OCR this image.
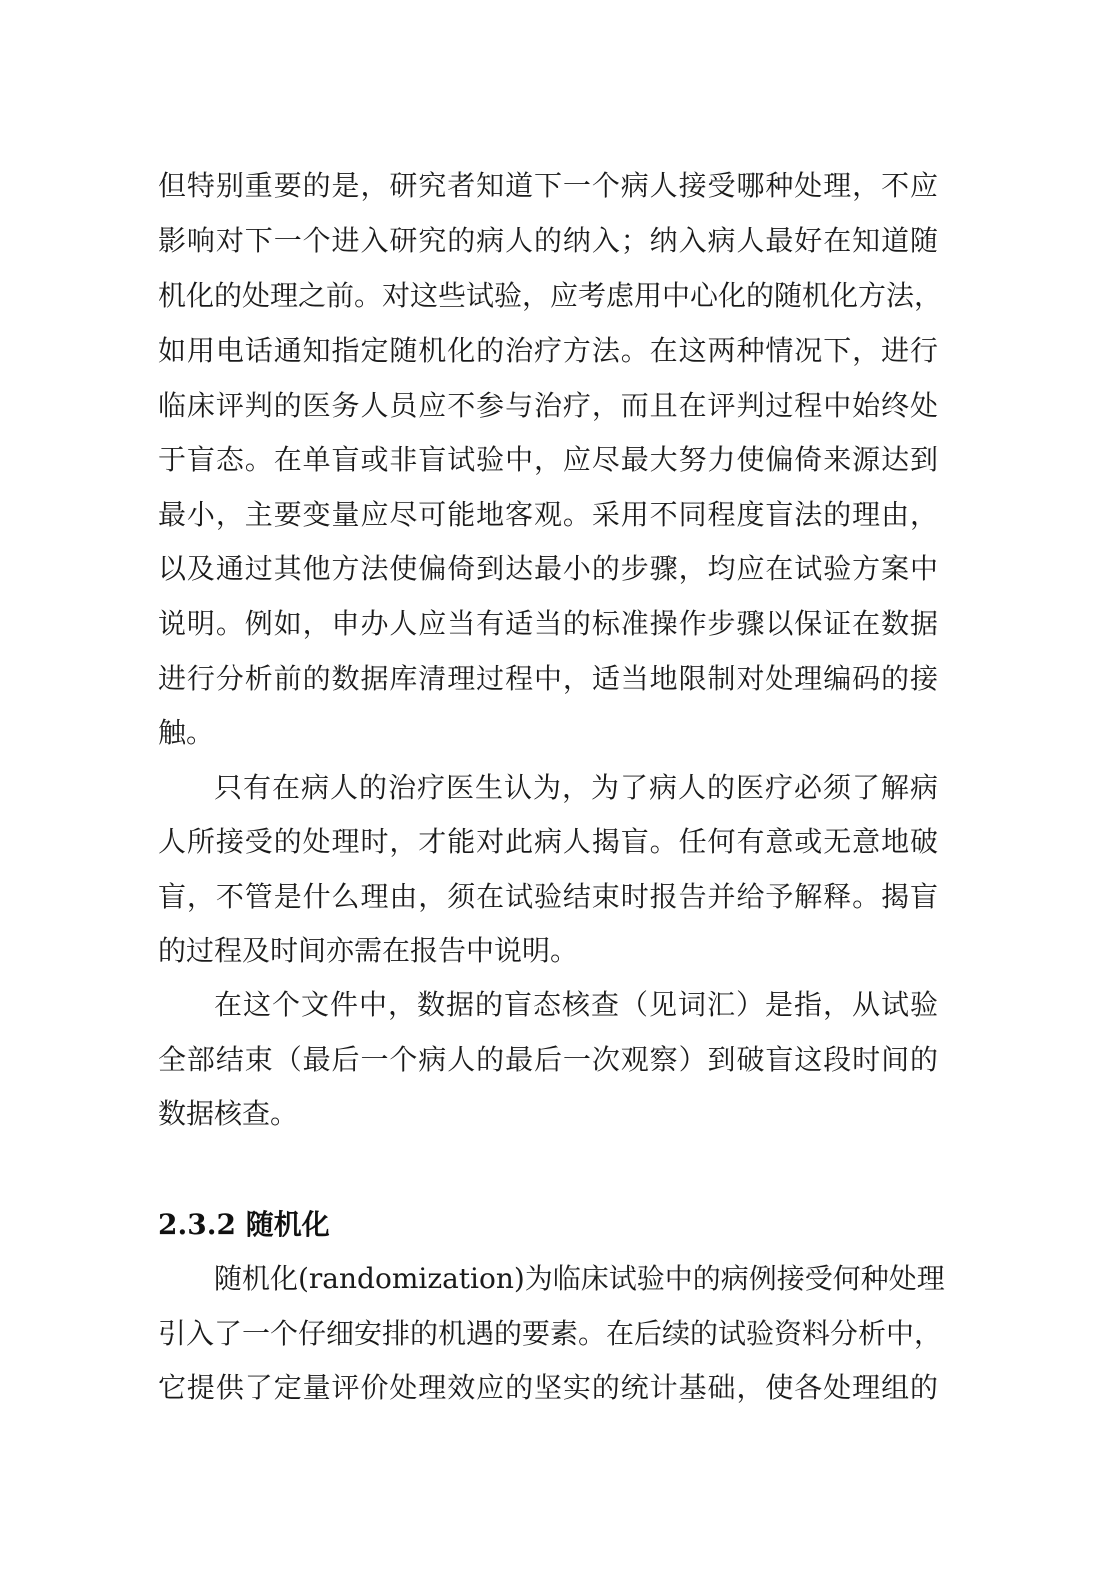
但特别重要的是，研究者知道下一个病人接受哪种处理，不应
影响对下一个进入研究的病人的纳入；纳入病人最好在知道随
机化的处理之前。对这些试验，应考虑用中心化的随机化方法，
如用电话通知指定随机化的治疗方法。在这两种情况下，进行
临床评判的医务人员应不参与治疗，而且在评判过程中始终处
于盲态。在单盲或非盲试验中，应尽最大努力使偏倚来源达到
最小，主要变量应尽可能地客观。采用不同程度盲法的理由，
以及通过其他方法使偏倚到达最小的步骤，均应在试验方案中
说明。例如，申办人应当有适当的标准操作步骤以保证在数据
进行分析前的数据库清理过程中，适当地限制对处理编码的接
触。
只有在病人的治疗医生认为，为了病人的医疗必须了解病
人所接受的处理时，才能对此病人揭盲。任何有意或无意地破
盲，不管是什么理由，须在试验结束时报告并给予解释。揭盲
的过程及时间亦需在报告中说明。
在这个文件中，数据的盲态核查（见词汇）是指，从试验
全部结束（最后一个病人的最后一次观察）到破盲这段时间的
数据核查。
2.3.2 随机化
随机化(randomization)为临床试验中的病例接受何种处理
引入了一个仔细安排的机遇的要素。在后续的试验资料分析中，
它提供了定量评价处理效应的坚实的统计基础，使各处理组的
